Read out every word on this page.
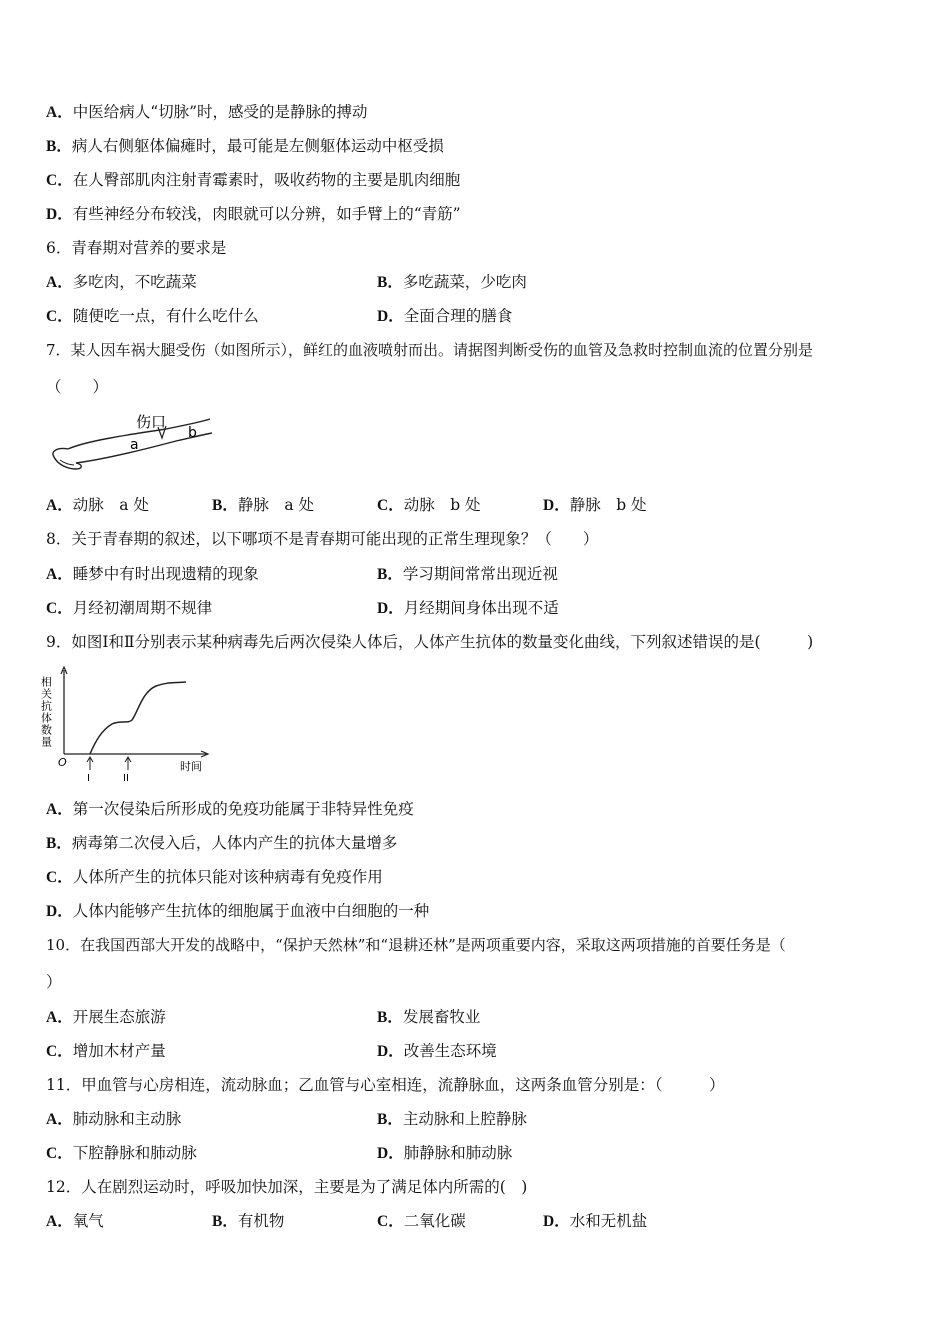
A．中医给病人“切脉”时，感受的是静脉的搏动
B．病人右侧躯体偏瘫时，最可能是左侧躯体运动中枢受损
C．在人臀部肌肉注射青霉素时，吸收药物的主要是肌肉细胞
D．有些神经分布较浅，肉眼就可以分辨，如手臂上的“青筋”
6．青春期对营养的要求是
A．多吃肉，不吃蔬菜	B．多吃蔬菜，少吃肉
C．随便吃一点，有什么吃什么	D．全面合理的膳食
7．某人因车祸大腿受伤（如图所示），鲜红的血液喷射而出。请据图判断受伤的血管及急救时控制血流的位置分别是
（　　）
伤口
a
b
A．动脉　a 处	B．静脉　a 处	C．动脉　b 处	D．静脉　b 处
8．关于青春期的叙述，以下哪项不是青春期可能出现的正常生理现象？（　　）
A．睡梦中有时出现遗精的现象	B．学习期间常常出现近视
C．月经初潮周期不规律	D．月经期间身体出现不适
9．如图Ⅰ和Ⅱ分别表示某种病毒先后两次侵染人体后，人体产生抗体的数量变化曲线，下列叙述错误的是(　　　)
相关抗体数量
O
I	II
时间
A．第一次侵染后所形成的免疫功能属于非特异性免疫
B．病毒第二次侵入后，人体内产生的抗体大量增多
C．人体所产生的抗体只能对该种病毒有免疫作用
D．人体内能够产生抗体的细胞属于血液中白细胞的一种
10．在我国西部大开发的战略中，“保护天然林”和“退耕还林”是两项重要内容，采取这两项措施的首要任务是（
）
A．开展生态旅游	B．发展畜牧业
C．增加木材产量	D．改善生态环境
11．甲血管与心房相连，流动脉血；乙血管与心室相连，流静脉血，这两条血管分别是：（　　　）
A．肺动脉和主动脉	B．主动脉和上腔静脉
C．下腔静脉和肺动脉	D．肺静脉和肺动脉
12．人在剧烈运动时，呼吸加快加深，主要是为了满足体内所需的(　)
A．氧气	B．有机物	C．二氧化碳	D．水和无机盐
